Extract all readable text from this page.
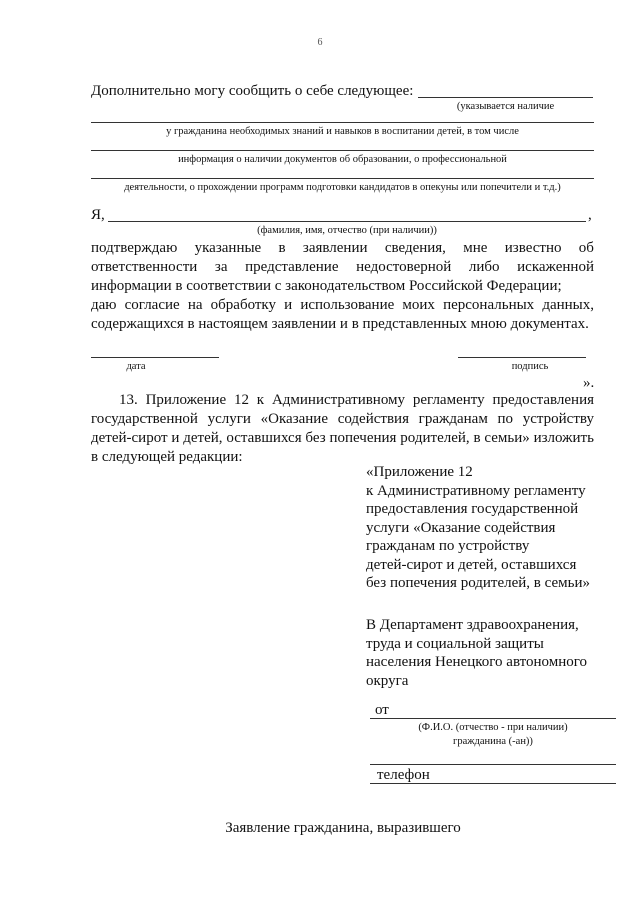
6
Дополнительно могу сообщить о себе следующее:
(указывается наличие
у гражданина необходимых знаний и навыков в воспитании детей, в том числе
информация о наличии документов об образовании, о профессиональной
деятельности, о прохождении программ подготовки кандидатов в опекуны или попечители и т.д.)
Я,	,
(фамилия, имя, отчество (при наличии))
подтверждаю указанные в заявлении сведения, мне известно об
ответственности за представление недостоверной либо искаженной
информации в соответствии с законодательством Российской Федерации;
даю согласие на обработку и использование моих персональных данных,
содержащихся в настоящем заявлении и в представленных мною документах.
дата	подпись
».
13. Приложение 12 к Административному регламенту предоставления
государственной услуги «Оказание содействия гражданам по устройству
детей-сирот и детей, оставшихся без попечения родителей, в семьи» изложить
в следующей редакции:
«Приложение 12
к Административному регламенту
предоставления государственной
услуги «Оказание содействия
гражданам по устройству
детей-сирот и детей, оставшихся
без попечения родителей, в семьи»
В Департамент здравоохранения,
труда и социальной защиты
населения Ненецкого автономного
округа
от
(Ф.И.О. (отчество - при наличии)
гражданина (-ан))
телефон
Заявление гражданина, выразившего
